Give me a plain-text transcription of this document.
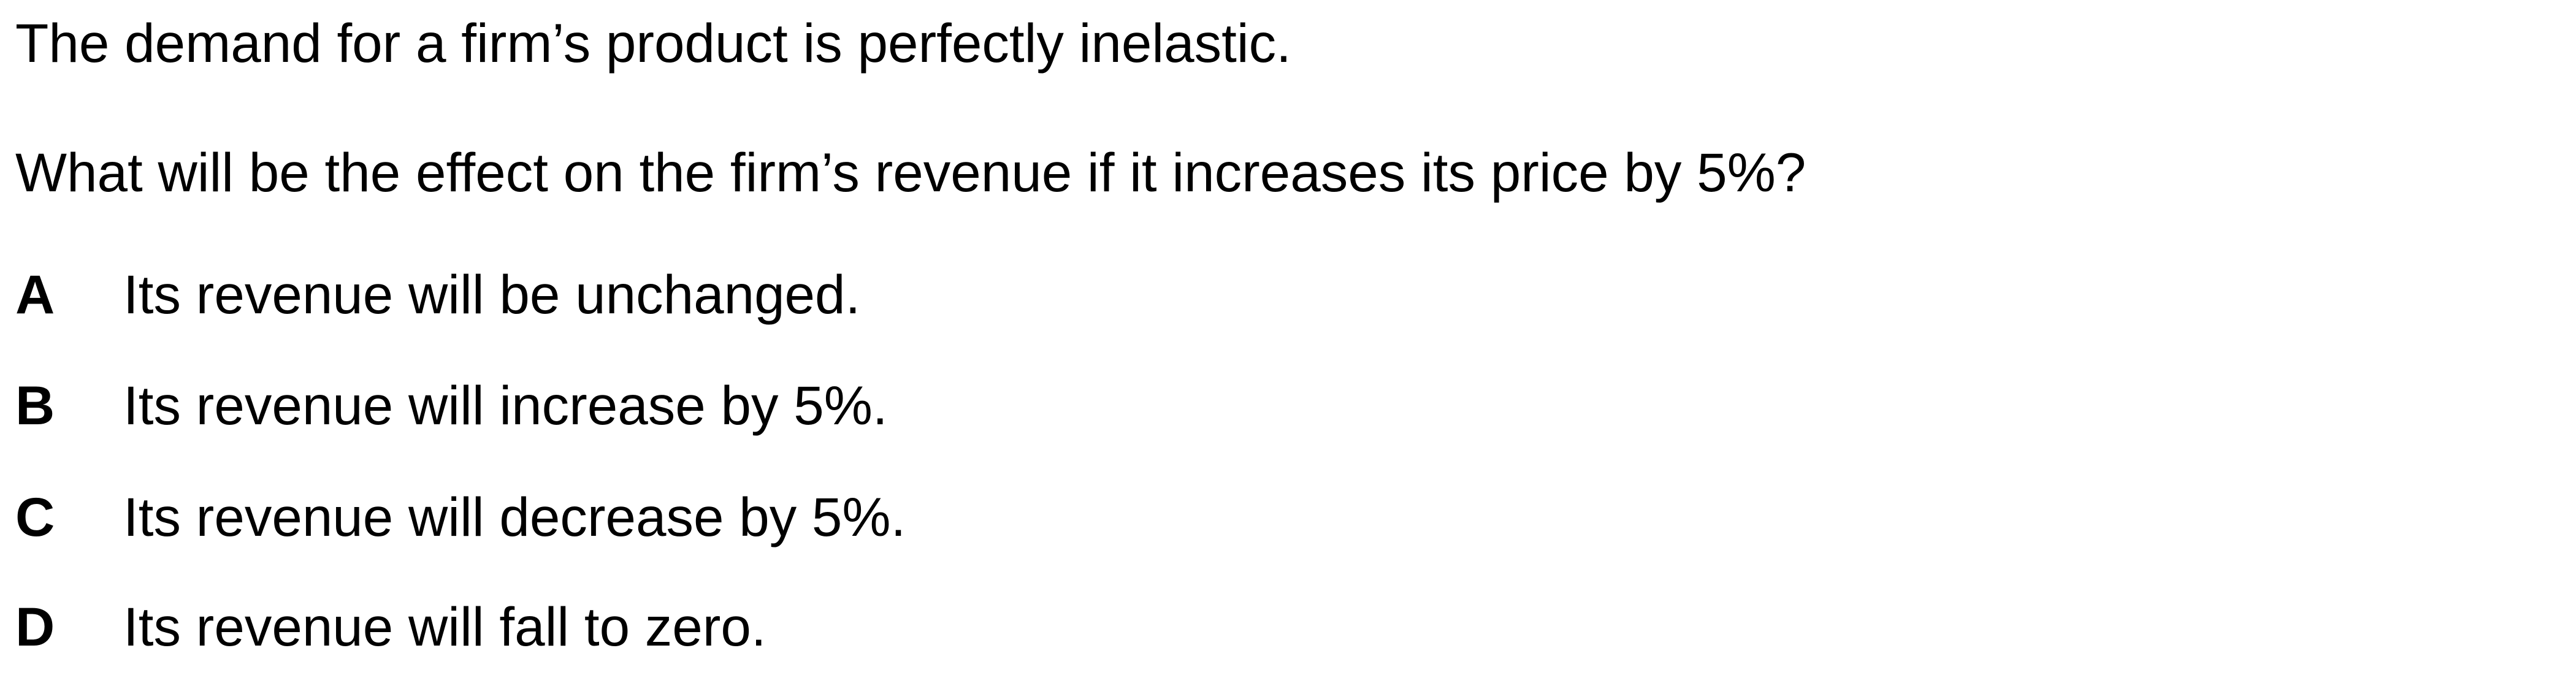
The demand for a firm’s product is perfectly inelastic.
What will be the effect on the firm’s revenue if it increases its price by 5%?
A Its revenue will be unchanged.
B Its revenue will increase by 5%.
C Its revenue will decrease by 5%.
D Its revenue will fall to zero.
